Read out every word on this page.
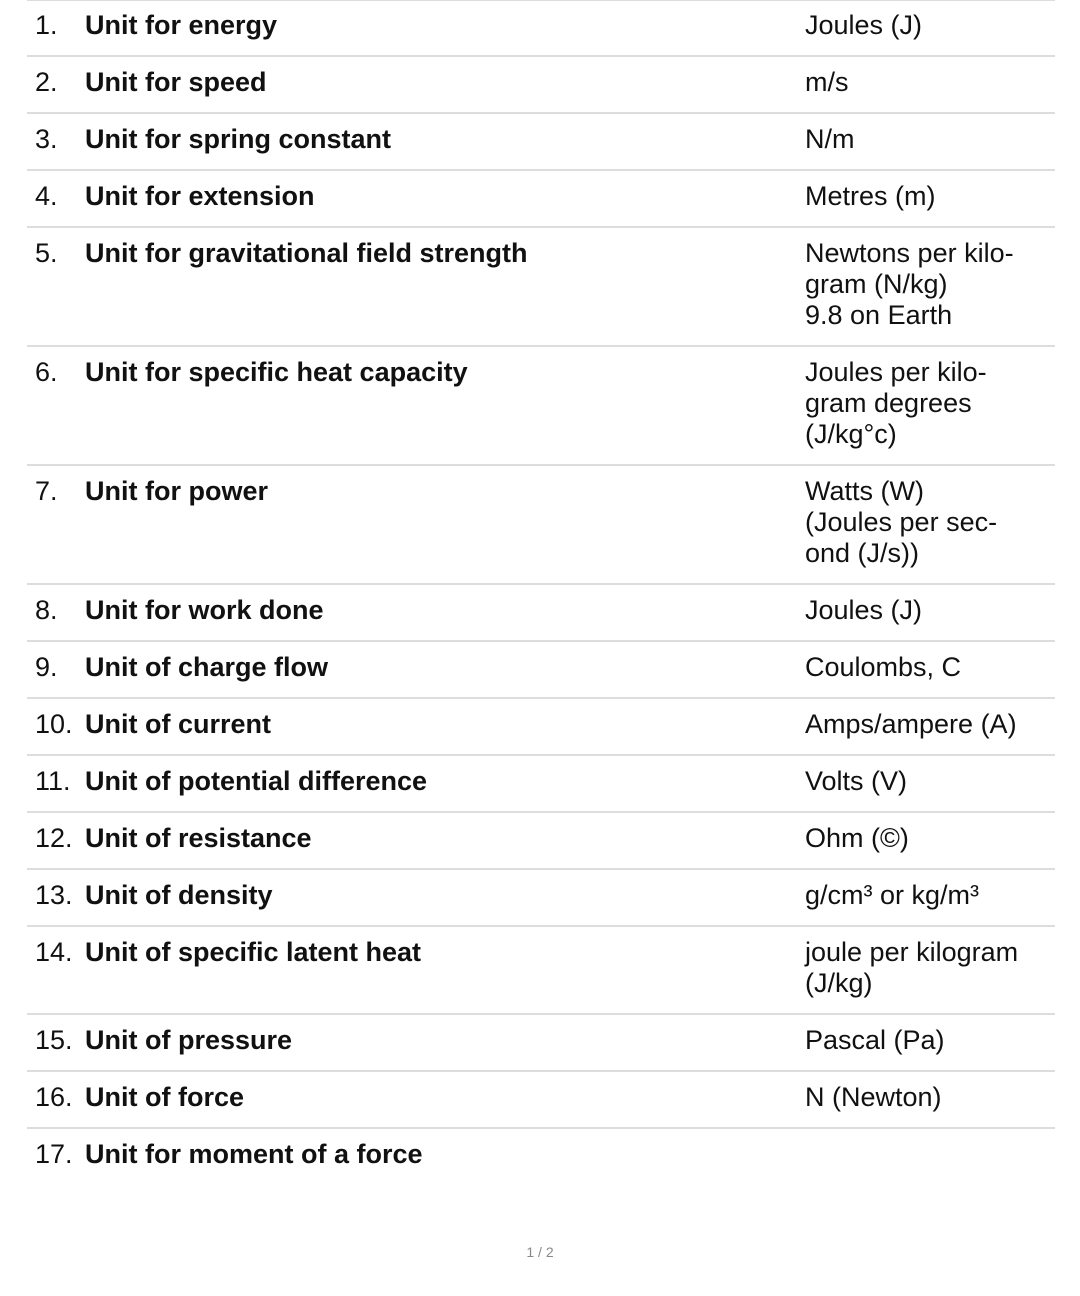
1.	Unit for energy	Joules (J)
2.	Unit for speed	m/s
3.	Unit for spring constant	N/m
4.	Unit for extension	Metres (m)
5.	Unit for gravitational field strength	Newtons per kilo-
gram (N/kg)
9.8 on Earth
6.	Unit for specific heat capacity	Joules per kilo-
gram degrees
(J/kg°c)
7.	Unit for power	Watts (W)
(Joules per sec-
ond (J/s))
8.	Unit for work done	Joules (J)
9.	Unit of charge flow	Coulombs, C
10. Unit of current	Amps/ampere (A)
11. Unit of potential difference	Volts (V)
12. Unit of resistance	Ohm (©)
13. Unit of density	g/cm³ or kg/m³
14. Unit of specific latent heat	joule per kilogram
(J/kg)
15. Unit of pressure	Pascal (Pa)
16. Unit of force	N (Newton)
17. Unit for moment of a force
1 / 2
